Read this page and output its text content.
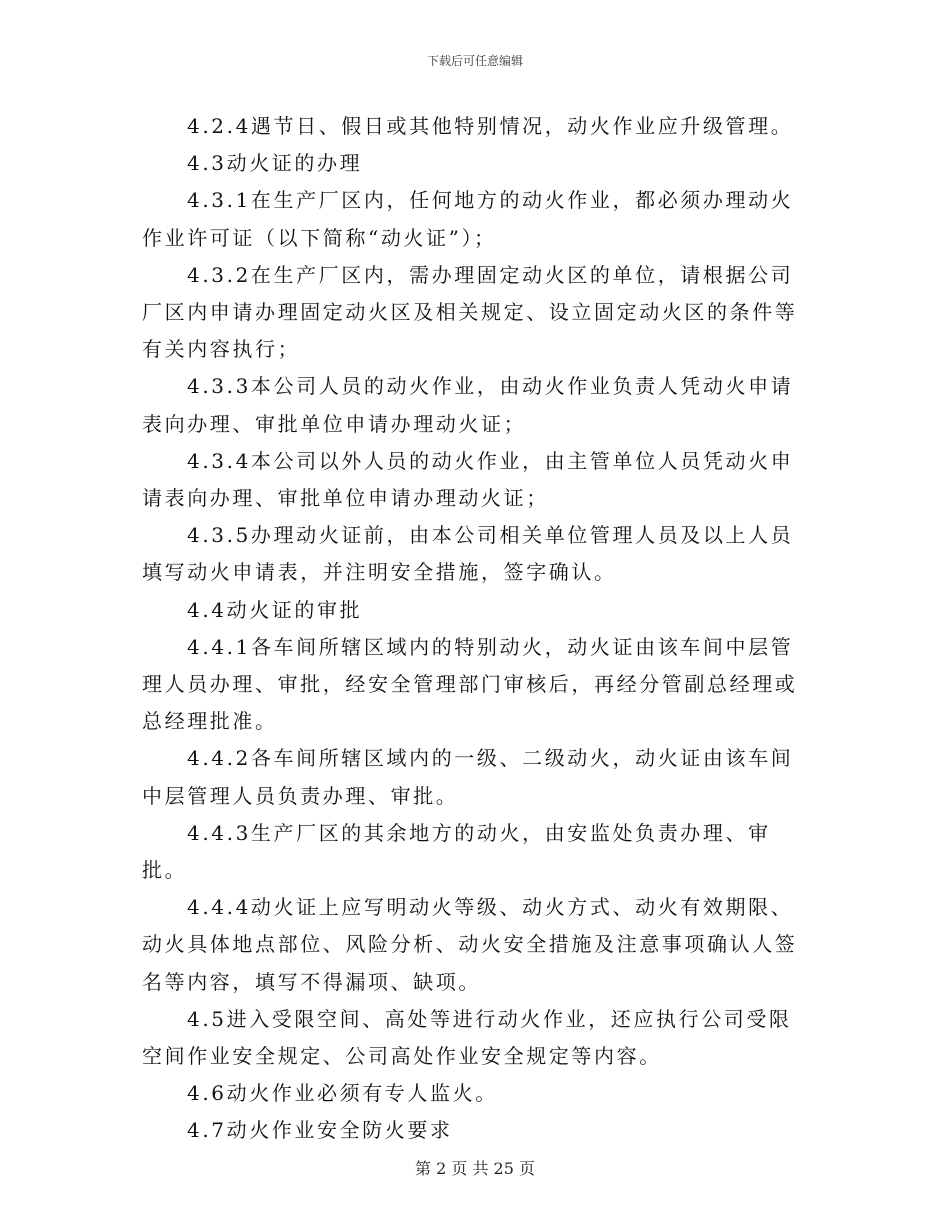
下载后可任意编辑

4.2.4遇节日、假日或其他特别情况，动火作业应升级管理。

4.3动火证的办理

4.3.1在生产厂区内，任何地方的动火作业，都必须办理动火作业许可证（以下简称“动火证”）；

4.3.2在生产厂区内，需办理固定动火区的单位，请根据公司厂区内申请办理固定动火区及相关规定、设立固定动火区的条件等有关内容执行；

4.3.3本公司人员的动火作业，由动火作业负责人凭动火申请表向办理、审批单位申请办理动火证；

4.3.4本公司以外人员的动火作业，由主管单位人员凭动火申请表向办理、审批单位申请办理动火证；

4.3.5办理动火证前，由本公司相关单位管理人员及以上人员填写动火申请表，并注明安全措施，签字确认。

4.4动火证的审批

4.4.1各车间所辖区域内的特别动火，动火证由该车间中层管理人员办理、审批，经安全管理部门审核后，再经分管副总经理或总经理批准。

4.4.2各车间所辖区域内的一级、二级动火，动火证由该车间中层管理人员负责办理、审批。

4.4.3生产厂区的其余地方的动火，由安监处负责办理、审批。

4.4.4动火证上应写明动火等级、动火方式、动火有效期限、动火具体地点部位、风险分析、动火安全措施及注意事项确认人签名等内容，填写不得漏项、缺项。

4.5进入受限空间、高处等进行动火作业，还应执行公司受限空间作业安全规定、公司高处作业安全规定等内容。

4.6动火作业必须有专人监火。

4.7动火作业安全防火要求

第 2 页 共 25 页
